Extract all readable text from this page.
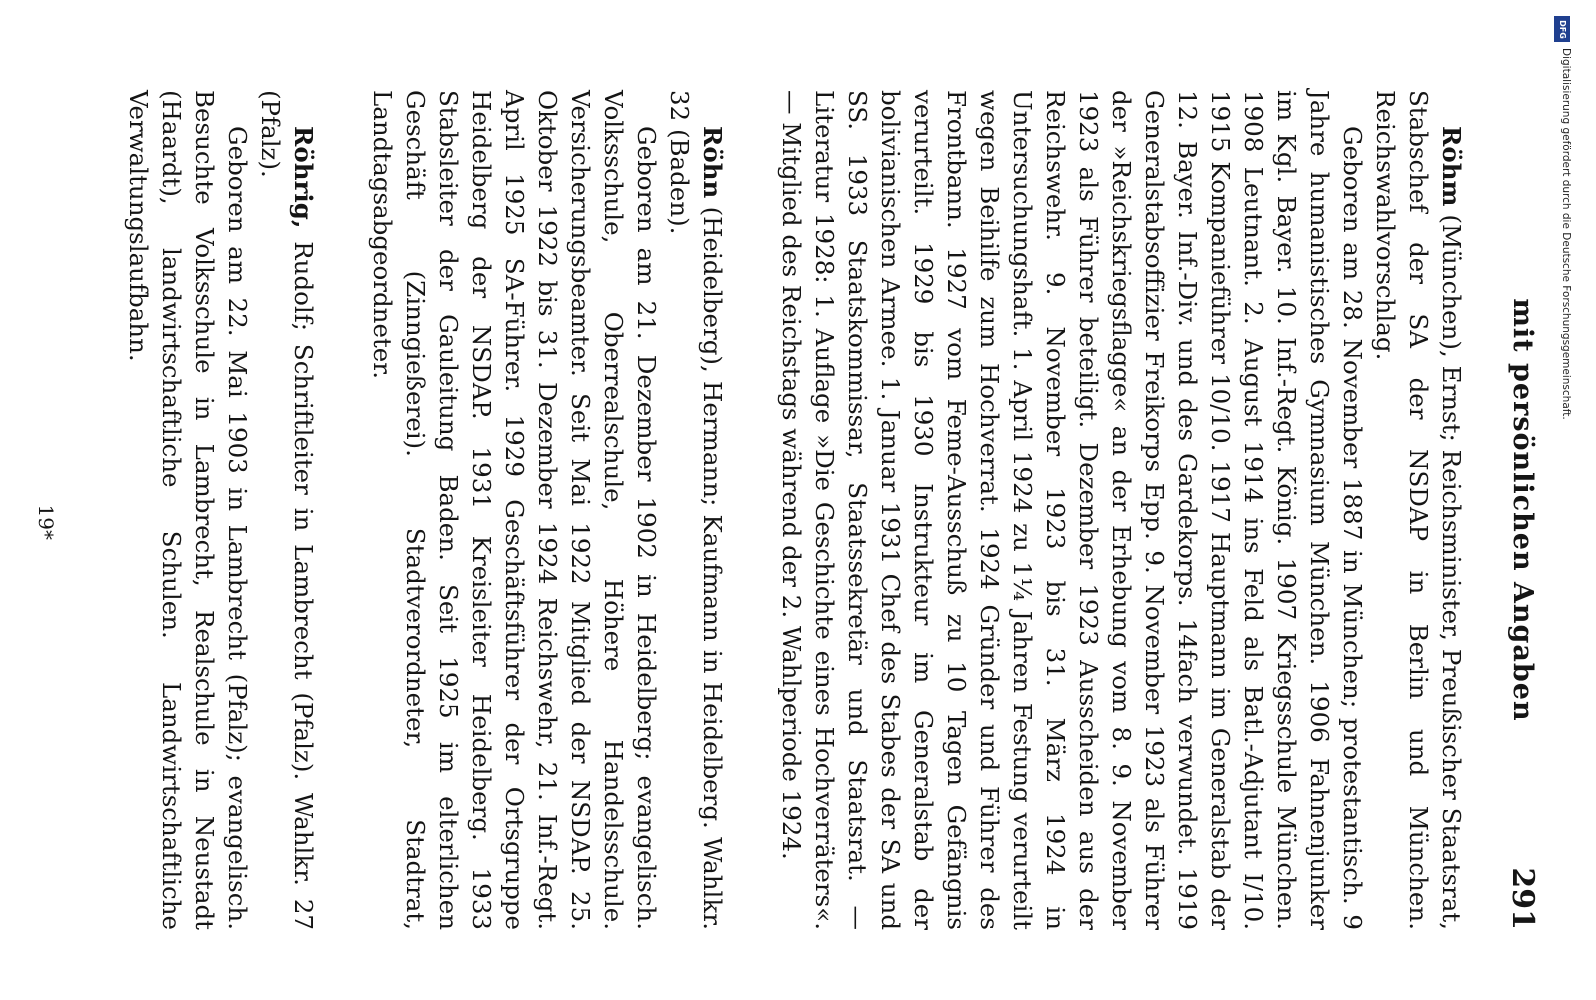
mit persönlichen Angaben
291

Röhm (München), Ernst; Reichsminister, Preußischer Staatsrat, Stabschef der SA der NSDAP in Berlin und München. Reichswahlvorschlag.

Geboren am 28. November 1887 in München; protestantisch. 9 Jahre humanistisches Gymnasium München. 1906 Fahnenjunker im Kgl. Bayer. 10. Inf.-Regt. König. 1907 Kriegsschule München. 1908 Leutnant. 2. August 1914 ins Feld als Batl.-Adjutant I/10. 1915 Kompanieführer 10/10. 1917 Hauptmann im Generalstab der 12. Bayer. Inf.-Div. und des Gardekorps. 14fach verwundet. 1919 Generalstabsoffizier Freikorps Epp. 9. November 1923 als Führer der »Reichskriegsflagge« an der Erhebung vom 8. 9. November 1923 als Führer beteiligt. Dezember 1923 Ausscheiden aus der Reichswehr. 9. November 1923 bis 31. März 1924 in Untersuchungshaft. 1. April 1924 zu 1¼ Jahren Festung verurteilt wegen Beihilfe zum Hochverrat. 1924 Gründer und Führer des Frontbann. 1927 vom Feme-Ausschuß zu 10 Tagen Gefängnis verurteilt. 1929 bis 1930 Instrukteur im Generalstab der bolivianischen Armee. 1. Januar 1931 Chef des Stabes der SA und SS. 1933 Staatskommissar, Staatssekretär und Staatsrat. — Literatur 1928: 1. Auflage »Die Geschichte eines Hochverräters«. — Mitglied des Reichstags während der 2. Wahlperiode 1924.

Röhn (Heidelberg), Hermann; Kaufmann in Heidelberg. Wahlkr. 32 (Baden).

Geboren am 21. Dezember 1902 in Heidelberg; evangelisch. Volksschule, Oberrealschule, Höhere Handelsschule. Versicherungsbeamter. Seit Mai 1922 Mitglied der NSDAP. 25. Oktober 1922 bis 31. Dezember 1924 Reichswehr, 21. Inf.-Regt. April 1925 SA-Führer. 1929 Geschäftsführer der Ortsgruppe Heidelberg der NSDAP. 1931 Kreisleiter Heidelberg. 1933 Stabsleiter der Gauleitung Baden. Seit 1925 im elterlichen Geschäft (Zinngießerei). Stadtverordneter, Stadtrat, Landtagsabgeordneter.

Röhrig, Rudolf; Schriftleiter in Lambrecht (Pfalz). Wahlkr. 27 (Pfalz).

Geboren am 22. Mai 1903 in Lambrecht (Pfalz); evangelisch. Besuchte Volksschule in Lambrecht, Realschule in Neustadt (Haardt), landwirtschaftliche Schulen. Landwirtschaftliche Verwaltungslaufbahn.

19*
DFG
Digitalisierung gefördert durch die Deutsche Forschungsgemeinschaft.
